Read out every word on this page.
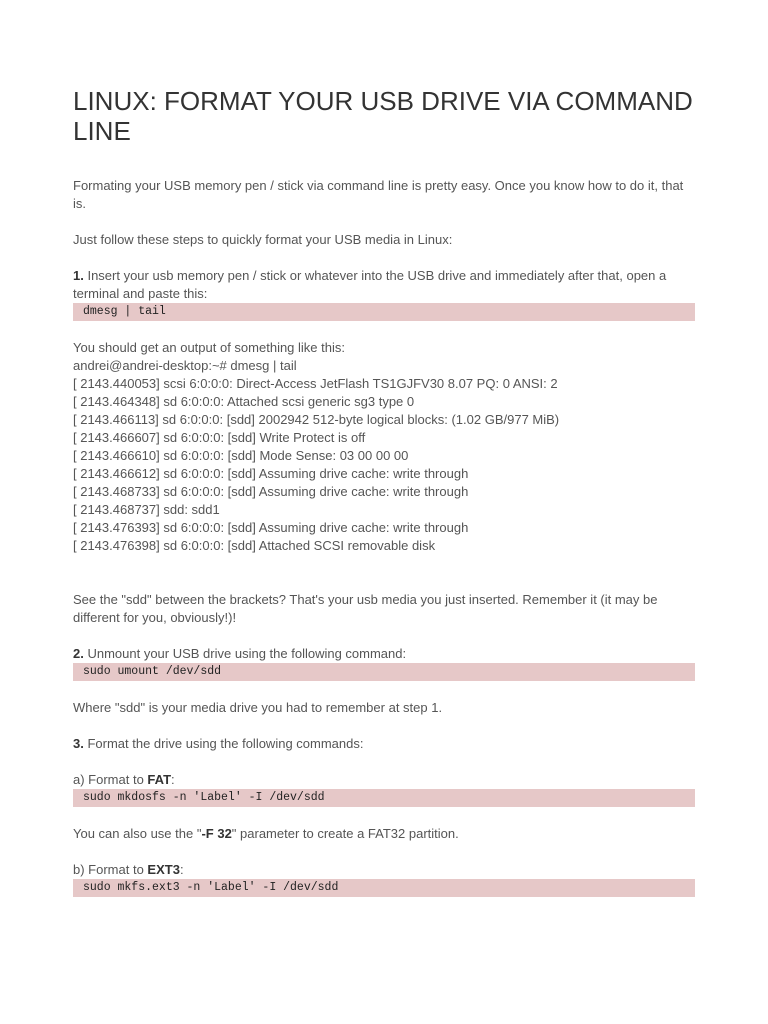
LINUX: FORMAT YOUR USB DRIVE VIA COMMAND LINE

Formating your USB memory pen / stick via command line is pretty easy. Once you know how to do it, that is.

Just follow these steps to quickly format your USB media in Linux:

1. Insert your usb memory pen / stick or whatever into the USB drive and immediately after that, open a terminal and paste this:

dmesg | tail

You should get an output of something like this:

andrei@andrei-desktop:~# dmesg | tail

[ 2143.440053] scsi 6:0:0:0: Direct-Access JetFlash TS1GJFV30 8.07 PQ: 0 ANSI: 2

[ 2143.464348] sd 6:0:0:0: Attached scsi generic sg3 type 0

[ 2143.466113] sd 6:0:0:0: [sdd] 2002942 512-byte logical blocks: (1.02 GB/977 MiB)

[ 2143.466607] sd 6:0:0:0: [sdd] Write Protect is off

[ 2143.466610] sd 6:0:0:0: [sdd] Mode Sense: 03 00 00 00

[ 2143.466612] sd 6:0:0:0: [sdd] Assuming drive cache: write through

[ 2143.468733] sd 6:0:0:0: [sdd] Assuming drive cache: write through

[ 2143.468737] sdd: sdd1

[ 2143.476393] sd 6:0:0:0: [sdd] Assuming drive cache: write through

[ 2143.476398] sd 6:0:0:0: [sdd] Attached SCSI removable disk

See the "sdd" between the brackets? That's your usb media you just inserted. Remember it (it may be different for you, obviously!)!

2. Unmount your USB drive using the following command:

sudo umount /dev/sdd

Where "sdd" is your media drive you had to remember at step 1.

3. Format the drive using the following commands:

a) Format to FAT:

sudo mkdosfs -n 'Label' -I /dev/sdd

You can also use the "-F 32" parameter to create a FAT32 partition.

b) Format to EXT3:

sudo mkfs.ext3 -n 'Label' -I /dev/sdd
